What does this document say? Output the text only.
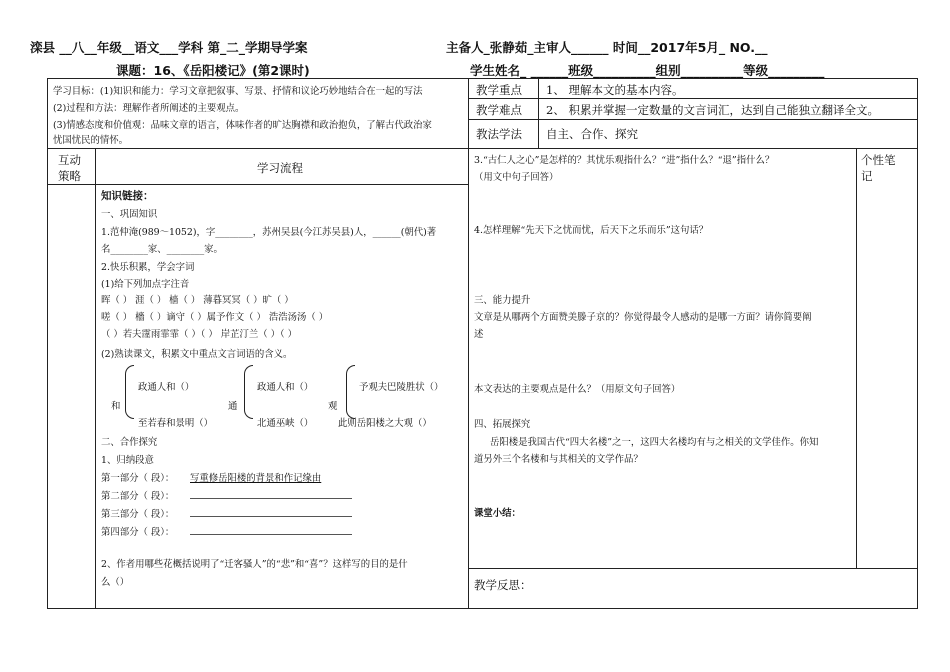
滦县 __八__年级__语文___学科 第_二_学期导学案	主备人_张静茹_主审人______ 时间__2017年5月_ NO.__
课题：16、《岳阳楼记》(第2课时)	学生姓名_ ______班级__________组别__________等级_________
学习目标：(1)知识和能力：学习文章把叙事、写景、抒情和议论巧妙地结合在一起的写法
(2)过程和方法：理解作者所阐述的主要观点。
(3)情感态度和价值观：品味文章的语言，体味作者的旷达胸襟和政治抱负，了解古代政治家
忧国忧民的情怀。
教学重点 1、 理解本文的基本内容。
教学难点 2、 积累并掌握一定数量的文言词汇，达到自己能独立翻译全文。
教法学法 自主、合作、探究
互动
策略
学习流程
个性笔
记
知识链接：
一、巩固知识
1.范仲淹(989～1052)，字________，苏州吴县(今江苏吴县)人，______(朝代)著
名________家、________家。
2.快乐积累，学会字词
(1)给下列加点字注音
晖（ ） 涯（ ） 樯（ ） 薄暮冥冥（ ）旷（ ）
嗟（ ） 檣（ ）谪守（ ）属予作文（ ） 浩浩汤汤（ ）
（ ）若夫霪雨霏霏（ ）（ ） 岸芷汀兰（ ）（ ）
(2)熟读课文，积累文中重点文言词语的含义。
政通人和（）
和
至若春和景明（）
政通人和（）
通
北通巫峡（）
予观夫巴陵胜状（）
观
此则岳阳楼之大观（）
二、合作探究
1、归纳段意
第一部分（ 段）： 写重修岳阳楼的背景和作记缘由
第二部分（ 段）：
第三部分（ 段）：
第四部分（ 段）：
2、作者用哪些花概括说明了“迁客骚人”的“悲”和“喜”？这样写的目的是什
么（）
3.“古仁人之心”是怎样的？其忧乐观指什么？“进”指什么？“退”指什么？
（用文中句子回答）
4.怎样理解“先天下之忧而忧，后天下之乐而乐”这句话？
三、能力提升
文章是从哪两个方面赞美滕子京的？你觉得最令人感动的是哪一方面？请你简要阐
述
本文表达的主要观点是什么？（用原文句子回答）
四、拓展探究
岳阳楼是我国古代“四大名楼”之一，这四大名楼均有与之相关的文学佳作。你知
道另外三个名楼和与其相关的文学作品？
课堂小结：
教学反思：
